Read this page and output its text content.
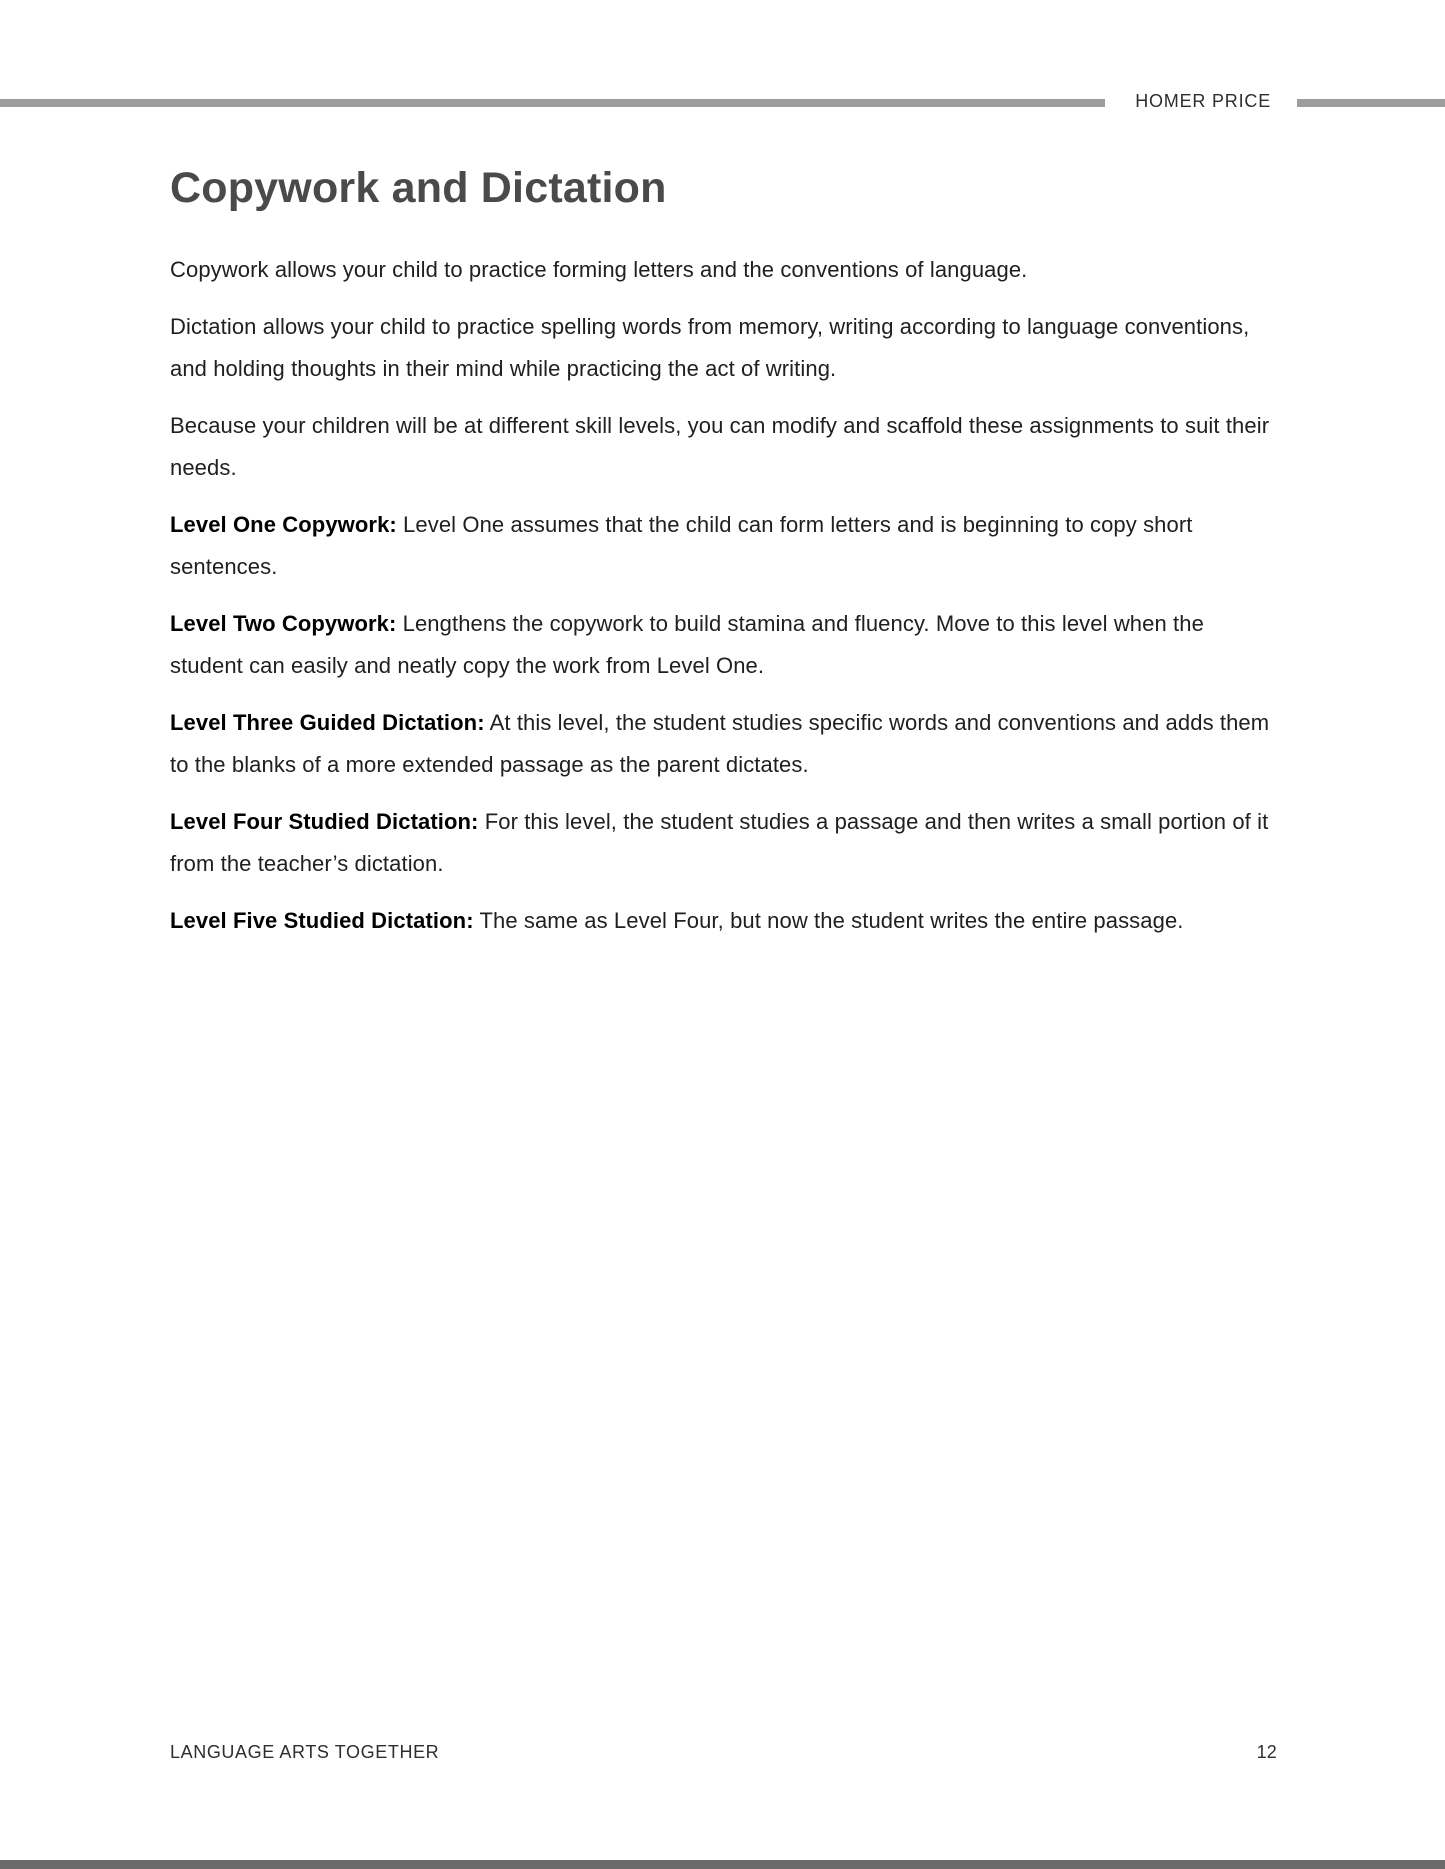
HOMER PRICE
Copywork and Dictation

Copywork allows your child to practice forming letters and the conventions of language.

Dictation allows your child to practice spelling words from memory, writing according to language conventions, and holding thoughts in their mind while practicing the act of writing.

Because your children will be at different skill levels, you can modify and scaffold these assignments to suit their needs.

Level One Copywork: Level One assumes that the child can form letters and is beginning to copy short sentences.

Level Two Copywork: Lengthens the copywork to build stamina and fluency. Move to this level when the student can easily and neatly copy the work from Level One.

Level Three Guided Dictation: At this level, the student studies specific words and conventions and adds them to the blanks of a more extended passage as the parent dictates.

Level Four Studied Dictation: For this level, the student studies a passage and then writes a small portion of it from the teacher’s dictation.

Level Five Studied Dictation: The same as Level Four, but now the student writes the entire passage.

LANGUAGE ARTS TOGETHER	12
